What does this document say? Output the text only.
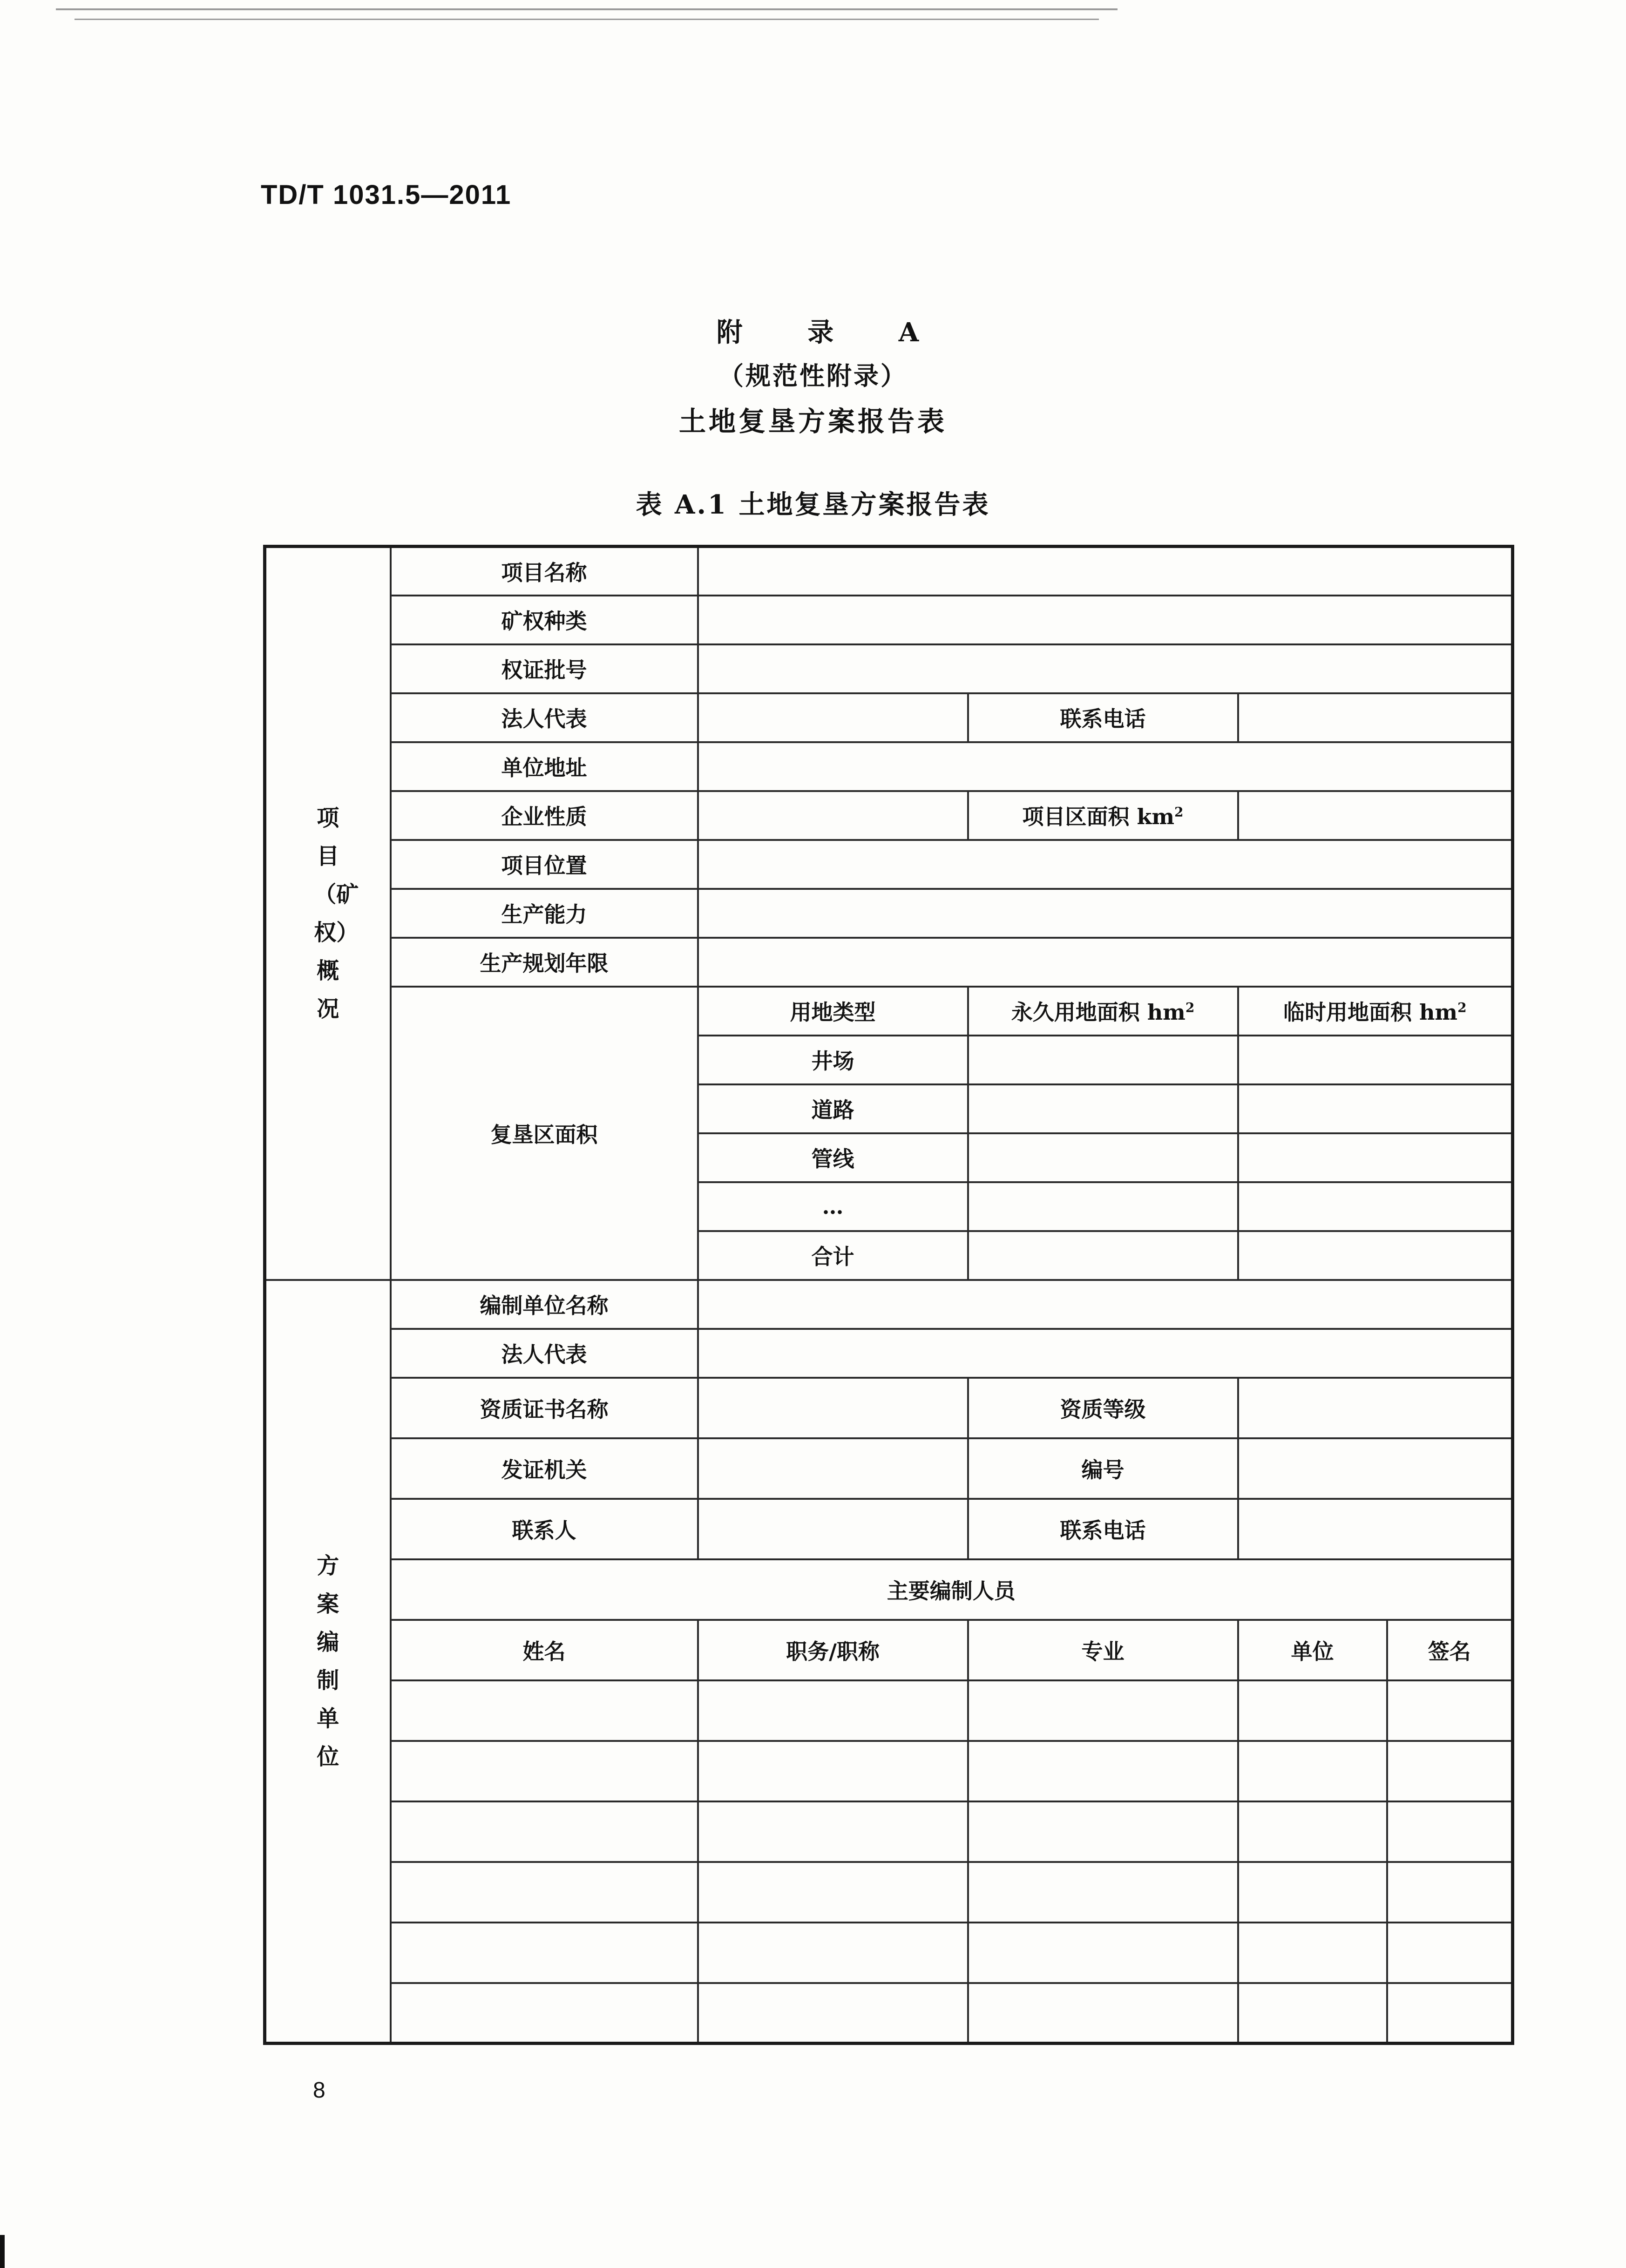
TD/T 1031.5—2011
附 录 A
（规范性附录）
土地复垦方案报告表
表 A.1 土地复垦方案报告表
项目（矿权）概况	项目名称				
	矿权种类				
	权证批号				
	法人代表		联系电话		
	单位地址				
	企业性质		项目区面积 $km^2$	
	项目位置				
	生产能力				
	生产规划年限				
	复垦区面积	用地类型	永久用地面积 $hm^2$	临时用地面积 $hm^2$
		井场			
		道路			
		管线			
		…			
		合计			
方案编制单位	编制单位名称				
	法人代表				
	资质证书名称		资质等级		
	发证机关		编号		
	联系人		联系电话		
	主要编制人员				
	姓名	职务/职称	专业	单位	签名

8
